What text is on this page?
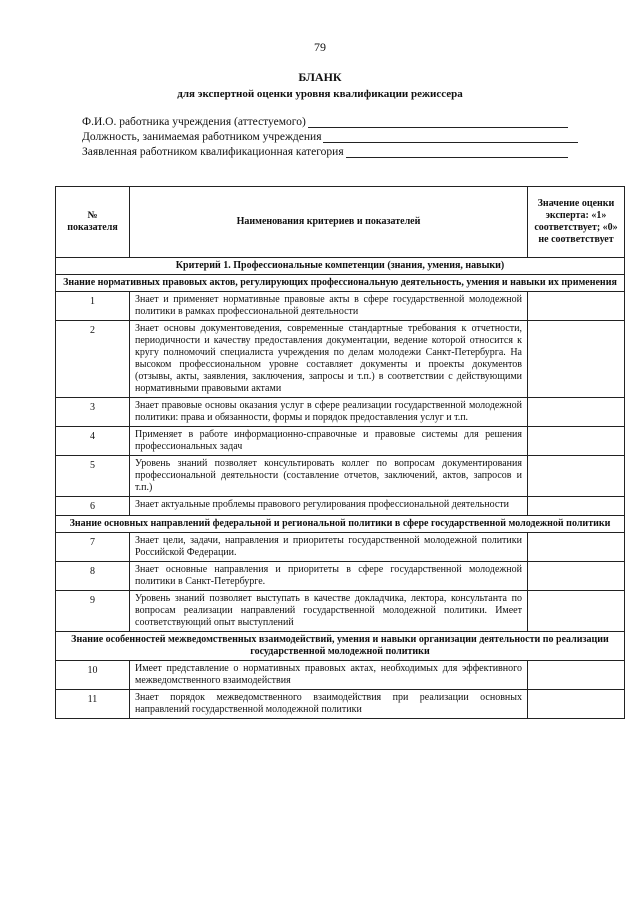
79
БЛАНК
для экспертной оценки уровня квалификации режиссера
Ф.И.О. работника учреждения (аттестуемого)
Должность, занимаемая работником учреждения
Заявленная работником квалификационная категория
№ показателя	Наименования критериев и показателей	Значение оценки эксперта: «1» соответствует; «0» не соответствует
Критерий 1. Профессиональные компетенции (знания, умения, навыки)		
Знание нормативных правовых актов, регулирующих профессиональную деятельность, умения и навыки их применения		
1	Знает и применяет нормативные правовые акты в сфере государственной молодежной политики в рамках профессиональной деятельности	
2	Знает основы документоведения, современные стандартные требования к отчетности, периодичности и качеству предоставления документации, ведение которой относится к кругу полномочий специалиста учреждения по делам молодежи Санкт-Петербурга. На высоком профессиональном уровне составляет документы и проекты документов (отзывы, акты, заявления, заключения, запросы и т.п.) в соответствии с действующими нормативными правовыми актами	
3	Знает правовые основы оказания услуг в сфере реализации государственной молодежной политики: права и обязанности, формы и порядок предоставления услуг и т.п.	
4	Применяет в работе информационно-справочные и правовые системы для решения профессиональных задач	
5	Уровень знаний позволяет консультировать коллег по вопросам документирования профессиональной деятельности (составление отчетов, заключений, актов, запросов и т.п.)	
6	Знает актуальные проблемы правового регулирования профессиональной деятельности	
Знание основных направлений федеральной и региональной политики в сфере государственной молодежной политики		
7	Знает цели, задачи, направления и приоритеты государственной молодежной политики Российской Федерации.	
8	Знает основные направления и приоритеты в сфере государственной молодежной политики в Санкт-Петербурге.	
9	Уровень знаний позволяет выступать в качестве докладчика, лектора, консультанта по вопросам реализации направлений государственной молодежной политики. Имеет соответствующий опыт выступлений	
Знание особенностей межведомственных взаимодействий, умения и навыки организации деятельности по реализации государственной молодежной политики		
10	Имеет представление о нормативных правовых актах, необходимых для эффективного межведомственного взаимодействия	
11	Знает порядок межведомственного взаимодействия при реализации основных направлений государственной молодежной политики	
